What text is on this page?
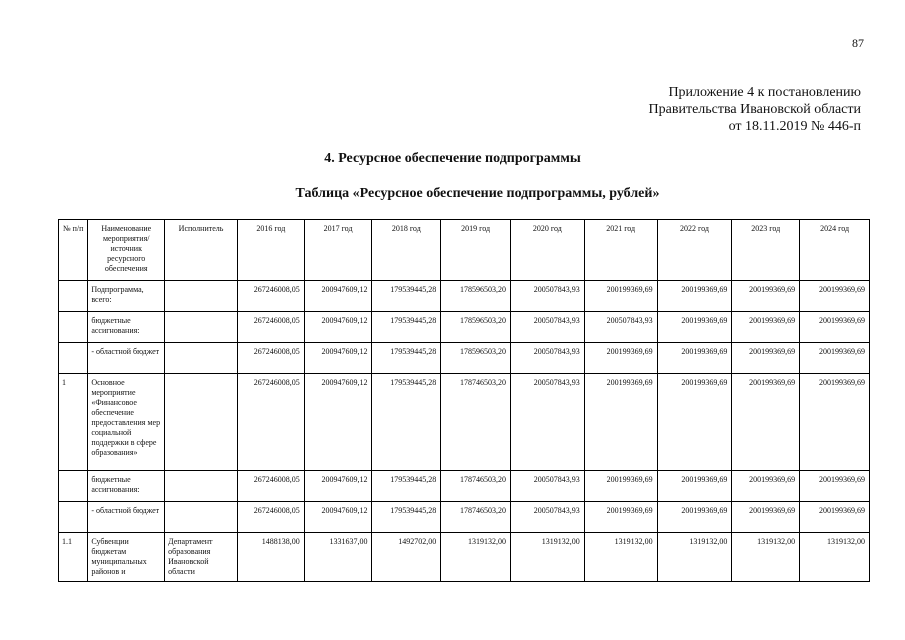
87
Приложение 4 к постановлению
Правительства Ивановской области
от 18.11.2019 № 446-п
4. Ресурсное обеспечение подпрограммы
Таблица «Ресурсное обеспечение подпрограммы, рублей»
№ п/п	Наименование мероприятия/ источник ресурсного обеспечения	Исполнитель	2016 год	2017 год	2018 год	2019 год	2020 год	2021 год	2022 год	2023 год	2024 год
	Подпрограмма, всего:		267246008,05	200947609,12	179539445,28	178596503,20	200507843,93	200199369,69	200199369,69	200199369,69	200199369,69
	бюджетные ассигнования:		267246008,05	200947609,12	179539445,28	178596503,20	200507843,93	200507843,93	200199369,69	200199369,69	200199369,69
	- областной бюджет		267246008,05	200947609,12	179539445,28	178596503,20	200507843,93	200199369,69	200199369,69	200199369,69	200199369,69
1	Основное мероприятие «Финансовое обеспечение предоставления мер социальной поддержки в сфере образования»		267246008,05	200947609,12	179539445,28	178746503,20	200507843,93	200199369,69	200199369,69	200199369,69	200199369,69
	бюджетные ассигнования:		267246008,05	200947609,12	179539445,28	178746503,20	200507843,93	200199369,69	200199369,69	200199369,69	200199369,69
	- областной бюджет		267246008,05	200947609,12	179539445,28	178746503,20	200507843,93	200199369,69	200199369,69	200199369,69	200199369,69
1.1	Субвенции бюджетам муниципальных районов и	Департамент образования Ивановской области	1488138,00	1331637,00	1492702,00	1319132,00	1319132,00	1319132,00	1319132,00	1319132,00	1319132,00
